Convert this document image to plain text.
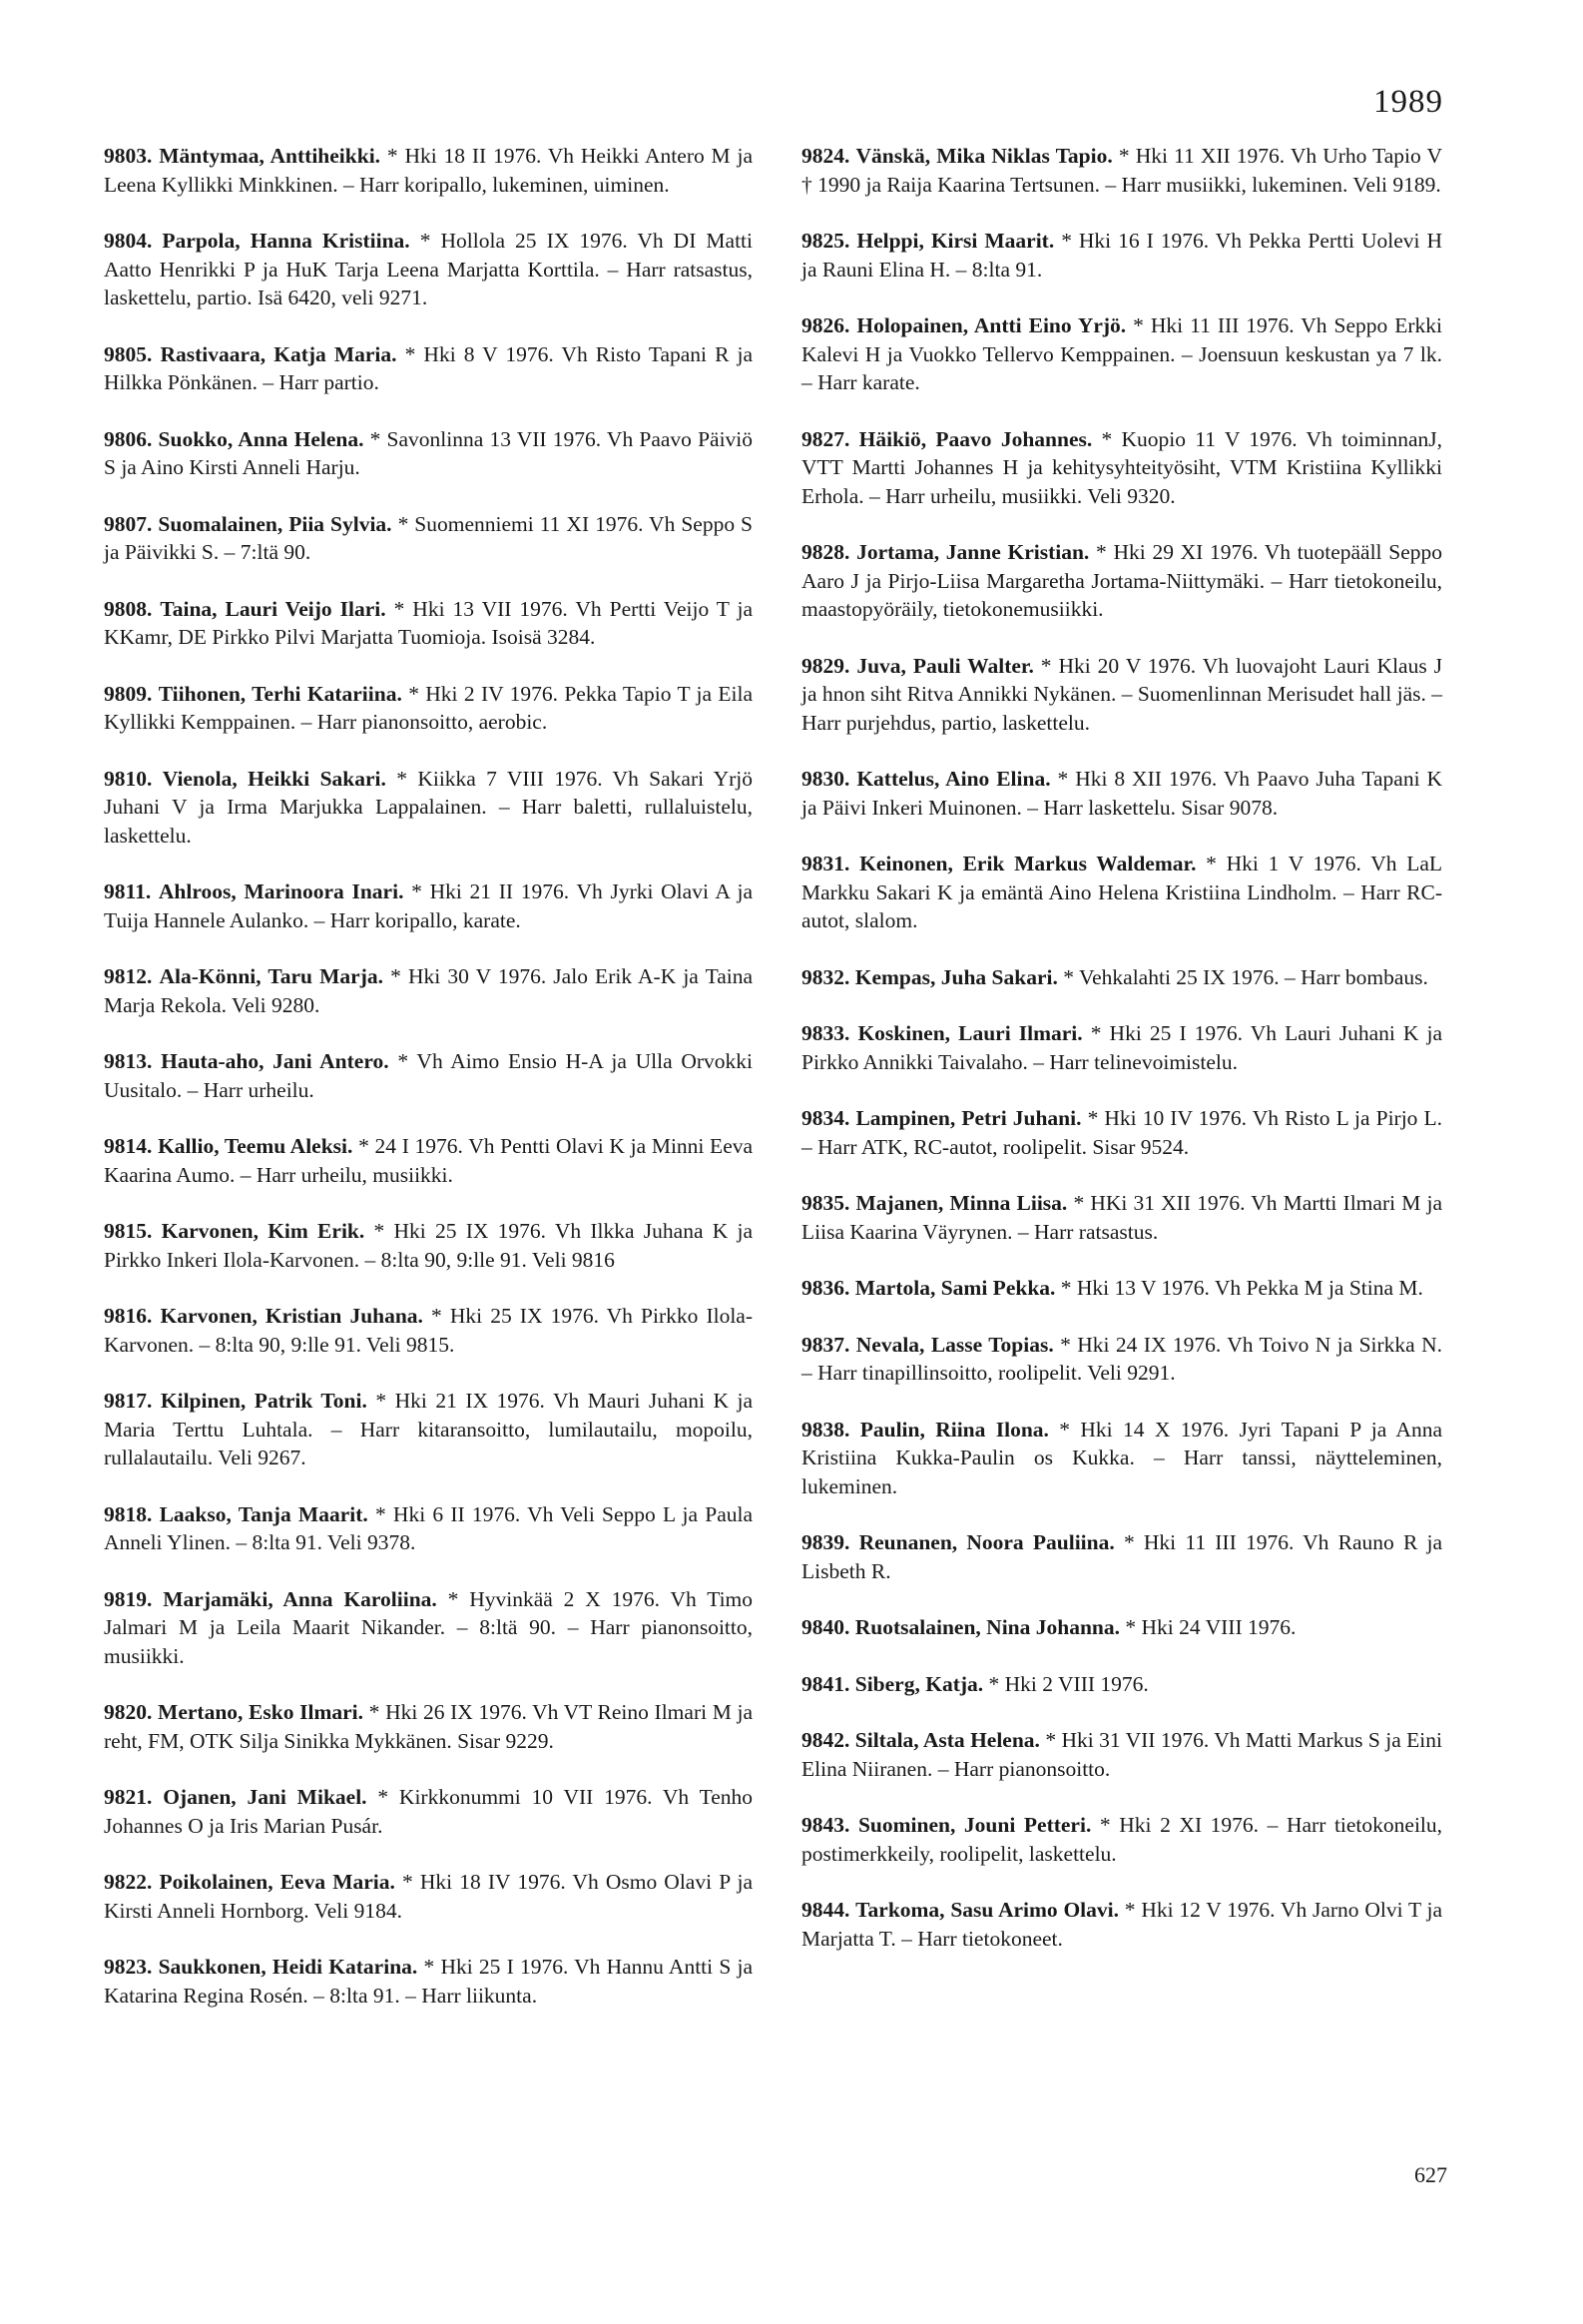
1989

9803. Mäntymaa, Anttiheikki. * Hki 18 II 1976. Vh Heikki Antero M ja Leena Kyllikki Minkkinen. – Harr koripallo, lukeminen, uiminen.

9804. Parpola, Hanna Kristiina. * Hollola 25 IX 1976. Vh DI Matti Aatto Henrikki P ja HuK Tarja Leena Marjatta Korttila. – Harr ratsastus, laskettelu, partio. Isä 6420, veli 9271.

9805. Rastivaara, Katja Maria. * Hki 8 V 1976. Vh Risto Tapani R ja Hilkka Pönkänen. – Harr partio.

9806. Suokko, Anna Helena. * Savonlinna 13 VII 1976. Vh Paavo Päiviö S ja Aino Kirsti Anneli Harju.

9807. Suomalainen, Piia Sylvia. * Suomenniemi 11 XI 1976. Vh Seppo S ja Päivikki S. – 7:ltä 90.

9808. Taina, Lauri Veijo Ilari. * Hki 13 VII 1976. Vh Pertti Veijo T ja KKamr, DE Pirkko Pilvi Marjatta Tuomioja. Isoisä 3284.

9809. Tiihonen, Terhi Katariina. * Hki 2 IV 1976. Pekka Tapio T ja Eila Kyllikki Kemppainen. – Harr pianonsoitto, aerobic.

9810. Vienola, Heikki Sakari. * Kiikka 7 VIII 1976. Vh Sakari Yrjö Juhani V ja Irma Marjukka Lappalainen. – Harr baletti, rullaluistelu, laskettelu.

9811. Ahlroos, Marinoora Inari. * Hki 21 II 1976. Vh Jyrki Olavi A ja Tuija Hannele Aulanko. – Harr koripallo, karate.

9812. Ala-Könni, Taru Marja. * Hki 30 V 1976. Jalo Erik A-K ja Taina Marja Rekola. Veli 9280.

9813. Hauta-aho, Jani Antero. * Vh Aimo Ensio H-A ja Ulla Orvokki Uusitalo. – Harr urheilu.

9814. Kallio, Teemu Aleksi. * 24 I 1976. Vh Pentti Olavi K ja Minni Eeva Kaarina Aumo. – Harr urheilu, musiikki.

9815. Karvonen, Kim Erik. * Hki 25 IX 1976. Vh Ilkka Juhana K ja Pirkko Inkeri Ilola-Karvonen. – 8:lta 90, 9:lle 91. Veli 9816

9816. Karvonen, Kristian Juhana. * Hki 25 IX 1976. Vh Pirkko Ilola-Karvonen. – 8:lta 90, 9:lle 91. Veli 9815.

9817. Kilpinen, Patrik Toni. * Hki 21 IX 1976. Vh Mauri Juhani K ja Maria Terttu Luhtala. – Harr kitaransoitto, lumilautailu, mopoilu, rullalautailu. Veli 9267.

9818. Laakso, Tanja Maarit. * Hki 6 II 1976. Vh Veli Seppo L ja Paula Anneli Ylinen. – 8:lta 91. Veli 9378.

9819. Marjamäki, Anna Karoliina. * Hyvinkää 2 X 1976. Vh Timo Jalmari M ja Leila Maarit Nikander. – 8:ltä 90. – Harr pianonsoitto, musiikki.

9820. Mertano, Esko Ilmari. * Hki 26 IX 1976. Vh VT Reino Ilmari M ja reht, FM, OTK Silja Sinikka Mykkänen. Sisar 9229.

9821. Ojanen, Jani Mikael. * Kirkkonummi 10 VII 1976. Vh Tenho Johannes O ja Iris Marian Pusár.

9822. Poikolainen, Eeva Maria. * Hki 18 IV 1976. Vh Osmo Olavi P ja Kirsti Anneli Hornborg. Veli 9184.

9823. Saukkonen, Heidi Katarina. * Hki 25 I 1976. Vh Hannu Antti S ja Katarina Regina Rosén. – 8:lta 91. – Harr liikunta.

9824. Vänskä, Mika Niklas Tapio. * Hki 11 XII 1976. Vh Urho Tapio V † 1990 ja Raija Kaarina Tertsunen. – Harr musiikki, lukeminen. Veli 9189.

9825. Helppi, Kirsi Maarit. * Hki 16 I 1976. Vh Pekka Pertti Uolevi H ja Rauni Elina H. – 8:lta 91.

9826. Holopainen, Antti Eino Yrjö. * Hki 11 III 1976. Vh Seppo Erkki Kalevi H ja Vuokko Tellervo Kemppainen. – Joensuun keskustan ya 7 lk. – Harr karate.

9827. Häikiö, Paavo Johannes. * Kuopio 11 V 1976. Vh toiminnanJ, VTT Martti Johannes H ja kehitysyhteityösiht, VTM Kristiina Kyllikki Erhola. – Harr urheilu, musiikki. Veli 9320.

9828. Jortama, Janne Kristian. * Hki 29 XI 1976. Vh tuotepääll Seppo Aaro J ja Pirjo-Liisa Margaretha Jortama-Niittymäki. – Harr tietokoneilu, maastopyöräily, tietokonemusiikki.

9829. Juva, Pauli Walter. * Hki 20 V 1976. Vh luovajoht Lauri Klaus J ja hnon siht Ritva Annikki Nykänen. – Suomenlinnan Merisudet hall jäs. – Harr purjehdus, partio, laskettelu.

9830. Kattelus, Aino Elina. * Hki 8 XII 1976. Vh Paavo Juha Tapani K ja Päivi Inkeri Muinonen. – Harr laskettelu. Sisar 9078.

9831. Keinonen, Erik Markus Waldemar. * Hki 1 V 1976. Vh LaL Markku Sakari K ja emäntä Aino Helena Kristiina Lindholm. – Harr RC-autot, slalom.

9832. Kempas, Juha Sakari. * Vehkalahti 25 IX 1976. – Harr bombaus.

9833. Koskinen, Lauri Ilmari. * Hki 25 I 1976. Vh Lauri Juhani K ja Pirkko Annikki Taivalaho. – Harr telinevoimistelu.

9834. Lampinen, Petri Juhani. * Hki 10 IV 1976. Vh Risto L ja Pirjo L. – Harr ATK, RC-autot, roolipelit. Sisar 9524.

9835. Majanen, Minna Liisa. * HKi 31 XII 1976. Vh Martti Ilmari M ja Liisa Kaarina Väyrynen. – Harr ratsastus.

9836. Martola, Sami Pekka. * Hki 13 V 1976. Vh Pekka M ja Stina M.

9837. Nevala, Lasse Topias. * Hki 24 IX 1976. Vh Toivo N ja Sirkka N. – Harr tinapillinsoitto, roolipelit. Veli 9291.

9838. Paulin, Riina Ilona. * Hki 14 X 1976. Jyri Tapani P ja Anna Kristiina Kukka-Paulin os Kukka. – Harr tanssi, näytteleminen, lukeminen.

9839. Reunanen, Noora Pauliina. * Hki 11 III 1976. Vh Rauno R ja Lisbeth R.

9840. Ruotsalainen, Nina Johanna. * Hki 24 VIII 1976.

9841. Siberg, Katja. * Hki 2 VIII 1976.

9842. Siltala, Asta Helena. * Hki 31 VII 1976. Vh Matti Markus S ja Eini Elina Niiranen. – Harr pianonsoitto.

9843. Suominen, Jouni Petteri. * Hki 2 XI 1976. – Harr tietokoneilu, postimerkkeily, roolipelit, laskettelu.

9844. Tarkoma, Sasu Arimo Olavi. * Hki 12 V 1976. Vh Jarno Olvi T ja Marjatta T. – Harr tietokoneet.

627
